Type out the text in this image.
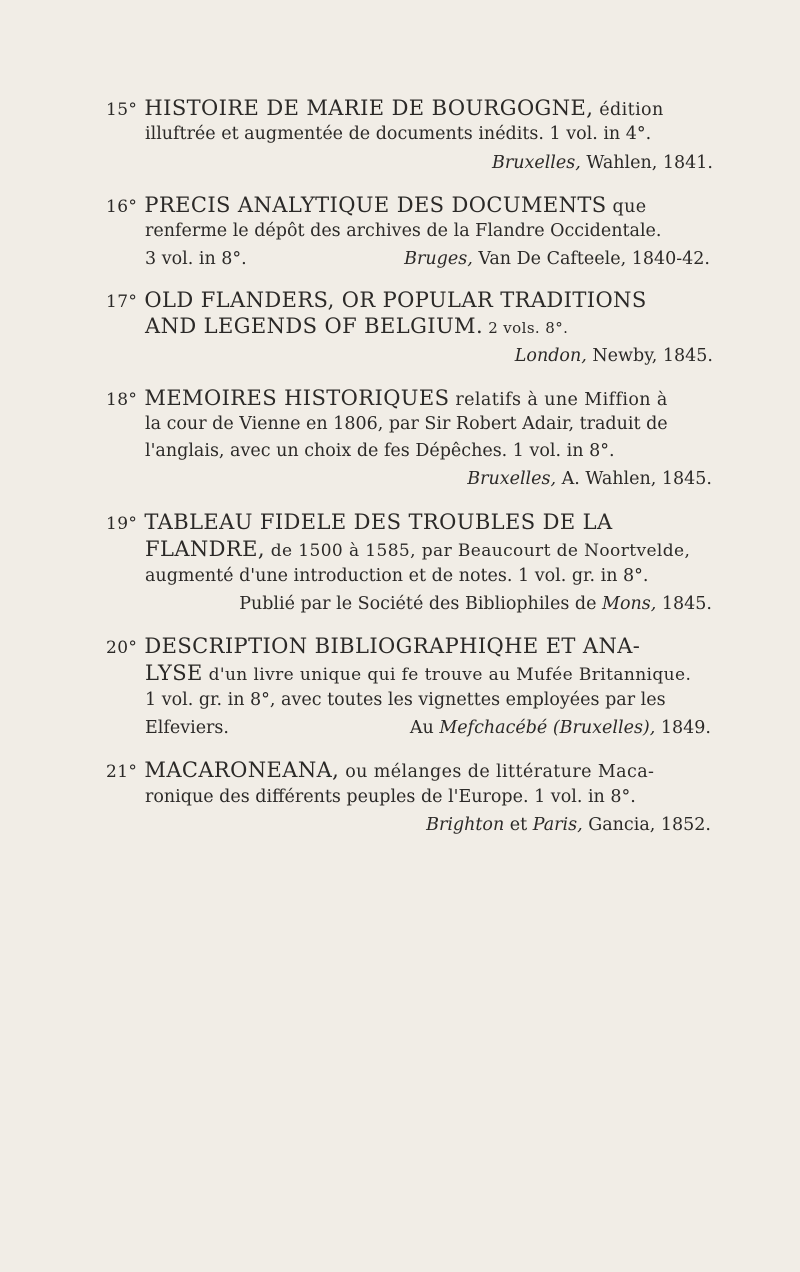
15° HISTOIRE DE MARIE DE BOURGOGNE, édition
illuftrée et augmentée de documents inédits. 1 vol. in 4°.
Bruxelles, Wahlen, 1841.
16° PRECIS ANALYTIQUE DES DOCUMENTS que
renferme le dépôt des archives de la Flandre Occidentale.
3 vol. in 8°.	Bruges, Van De Cafteele, 1840-42.
17° OLD FLANDERS, OR POPULAR TRADITIONS
AND LEGENDS OF BELGIUM. 2 vols. 8°.
London, Newby, 1845.
18° MEMOIRES HISTORIQUES relatifs à une Miffion à
la cour de Vienne en 1806, par Sir Robert Adair, traduit de
l'anglais, avec un choix de fes Dépêches. 1 vol. in 8°.
Bruxelles, A. Wahlen, 1845.
19° TABLEAU FIDELE DES TROUBLES DE LA
FLANDRE, de 1500 à 1585, par Beaucourt de Noortvelde,
augmenté d'une introduction et de notes. 1 vol. gr. in 8°.
Publié par le Société des Bibliophiles de Mons, 1845.
20° DESCRIPTION BIBLIOGRAPHIQHE ET ANA-
LYSE d'un livre unique qui fe trouve au Mufée Britannique.
1 vol. gr. in 8°, avec toutes les vignettes employées par les
Elfeviers.	Au Mefchacébé (Bruxelles), 1849.
21° MACARONEANA, ou mélanges de littérature Maca-
ronique des différents peuples de l'Europe. 1 vol. in 8°.
Brighton et Paris, Gancia, 1852.
